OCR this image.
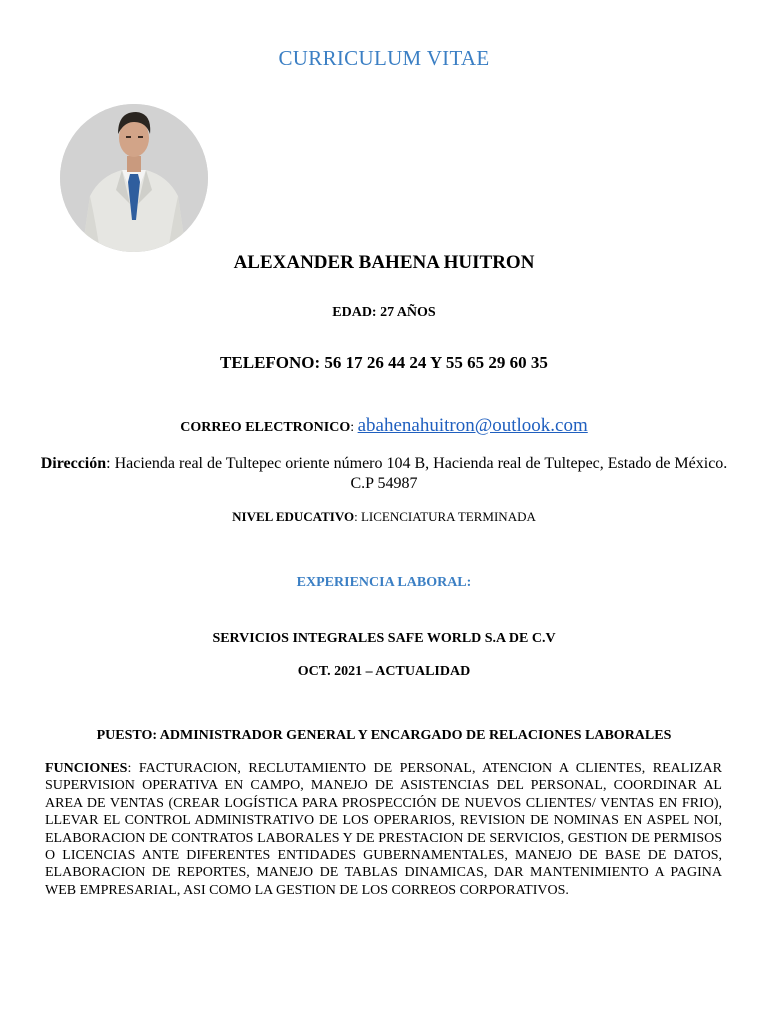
CURRICULUM VITAE
ALEXANDER BAHENA HUITRON
EDAD: 27 AÑOS
TELEFONO: 56 17 26 44 24 Y 55 65 29 60 35
CORREO ELECTRONICO: abahenahuitron@outlook.com
Dirección: Hacienda real de Tultepec oriente número 104 B, Hacienda real de Tultepec, Estado de México. C.P 54987
NIVEL EDUCATIVO: LICENCIATURA TERMINADA
EXPERIENCIA LABORAL:
SERVICIOS INTEGRALES SAFE WORLD S.A DE C.V
OCT. 2021 – ACTUALIDAD
PUESTO: ADMINISTRADOR GENERAL Y ENCARGADO DE RELACIONES LABORALES
FUNCIONES: FACTURACION, RECLUTAMIENTO DE PERSONAL, ATENCION A CLIENTES, REALIZAR SUPERVISION OPERATIVA EN CAMPO, MANEJO DE ASISTENCIAS DEL PERSONAL, COORDINAR AL AREA DE VENTAS (CREAR LOGÍSTICA PARA PROSPECCIÓN DE NUEVOS CLIENTES/ VENTAS EN FRIO), LLEVAR EL CONTROL ADMINISTRATIVO DE LOS OPERARIOS, REVISION DE NOMINAS EN ASPEL NOI, ELABORACION DE CONTRATOS LABORALES Y DE PRESTACION DE SERVICIOS, GESTION DE PERMISOS O LICENCIAS ANTE DIFERENTES ENTIDADES GUBERNAMENTALES, MANEJO DE BASE DE DATOS, ELABORACION DE REPORTES, MANEJO DE TABLAS DINAMICAS, DAR MANTENIMIENTO A PAGINA WEB EMPRESARIAL, ASI COMO LA GESTION DE LOS CORREOS CORPORATIVOS.
